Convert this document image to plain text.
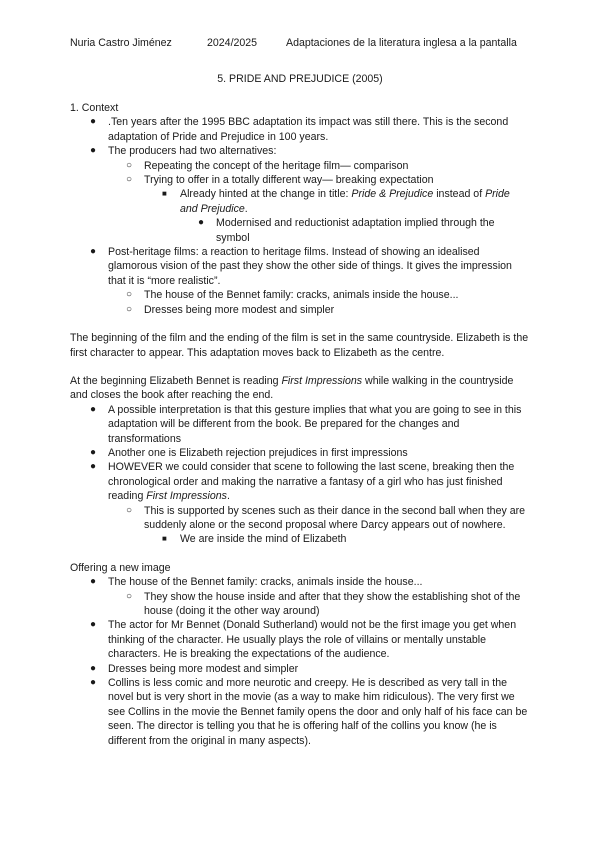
Nuria Castro Jiménez	2024/2025	Adaptaciones de la literatura inglesa a la pantalla
5. PRIDE AND PREJUDICE (2005)

1. Context

● .Ten years after the 1995 BBC adaptation its impact was still there. This is the second adaptation of Pride and Prejudice in 100 years.
● The producers had two alternatives:
○ Repeating the concept of the heritage film— comparison
○ Trying to offer in a totally different way— breaking expectation
■ Already hinted at the change in title: Pride & Prejudice instead of Pride and Prejudice.
● Modernised and reductionist adaptation implied through the symbol
● Post-heritage films: a reaction to heritage films. Instead of showing an idealised glamorous vision of the past they show the other side of things. It gives the impression that it is “more realistic”.
○ The house of the Bennet family: cracks, animals inside the house...
○ Dresses being more modest and simpler

The beginning of the film and the ending of the film is set in the same countryside. Elizabeth is the first character to appear. This adaptation moves back to Elizabeth as the centre.

At the beginning Elizabeth Bennet is reading First Impressions while walking in the countryside and closes the book after reaching the end.

● A possible interpretation is that this gesture implies that what you are going to see in this adaptation will be different from the book. Be prepared for the changes and transformations
● Another one is Elizabeth rejection prejudices in first impressions
● HOWEVER we could consider that scene to following the last scene, breaking then the chronological order and making the narrative a fantasy of a girl who has just finished reading First Impressions.
○ This is supported by scenes such as their dance in the second ball when they are suddenly alone or the second proposal where Darcy appears out of nowhere.
■ We are inside the mind of Elizabeth

Offering a new image

● The house of the Bennet family: cracks, animals inside the house...
○ They show the house inside and after that they show the establishing shot of the house (doing it the other way around)
● The actor for Mr Bennet (Donald Sutherland) would not be the first image you get when thinking of the character. He usually plays the role of villains or mentally unstable characters. He is breaking the expectations of the audience.
● Dresses being more modest and simpler
● Collins is less comic and more neurotic and creepy. He is described as very tall in the novel but is very short in the movie (as a way to make him ridiculous). The very first we see Collins in the movie the Bennet family opens the door and only half of his face can be seen. The director is telling you that he is offering half of the collins you know (he is different from the original in many aspects).
